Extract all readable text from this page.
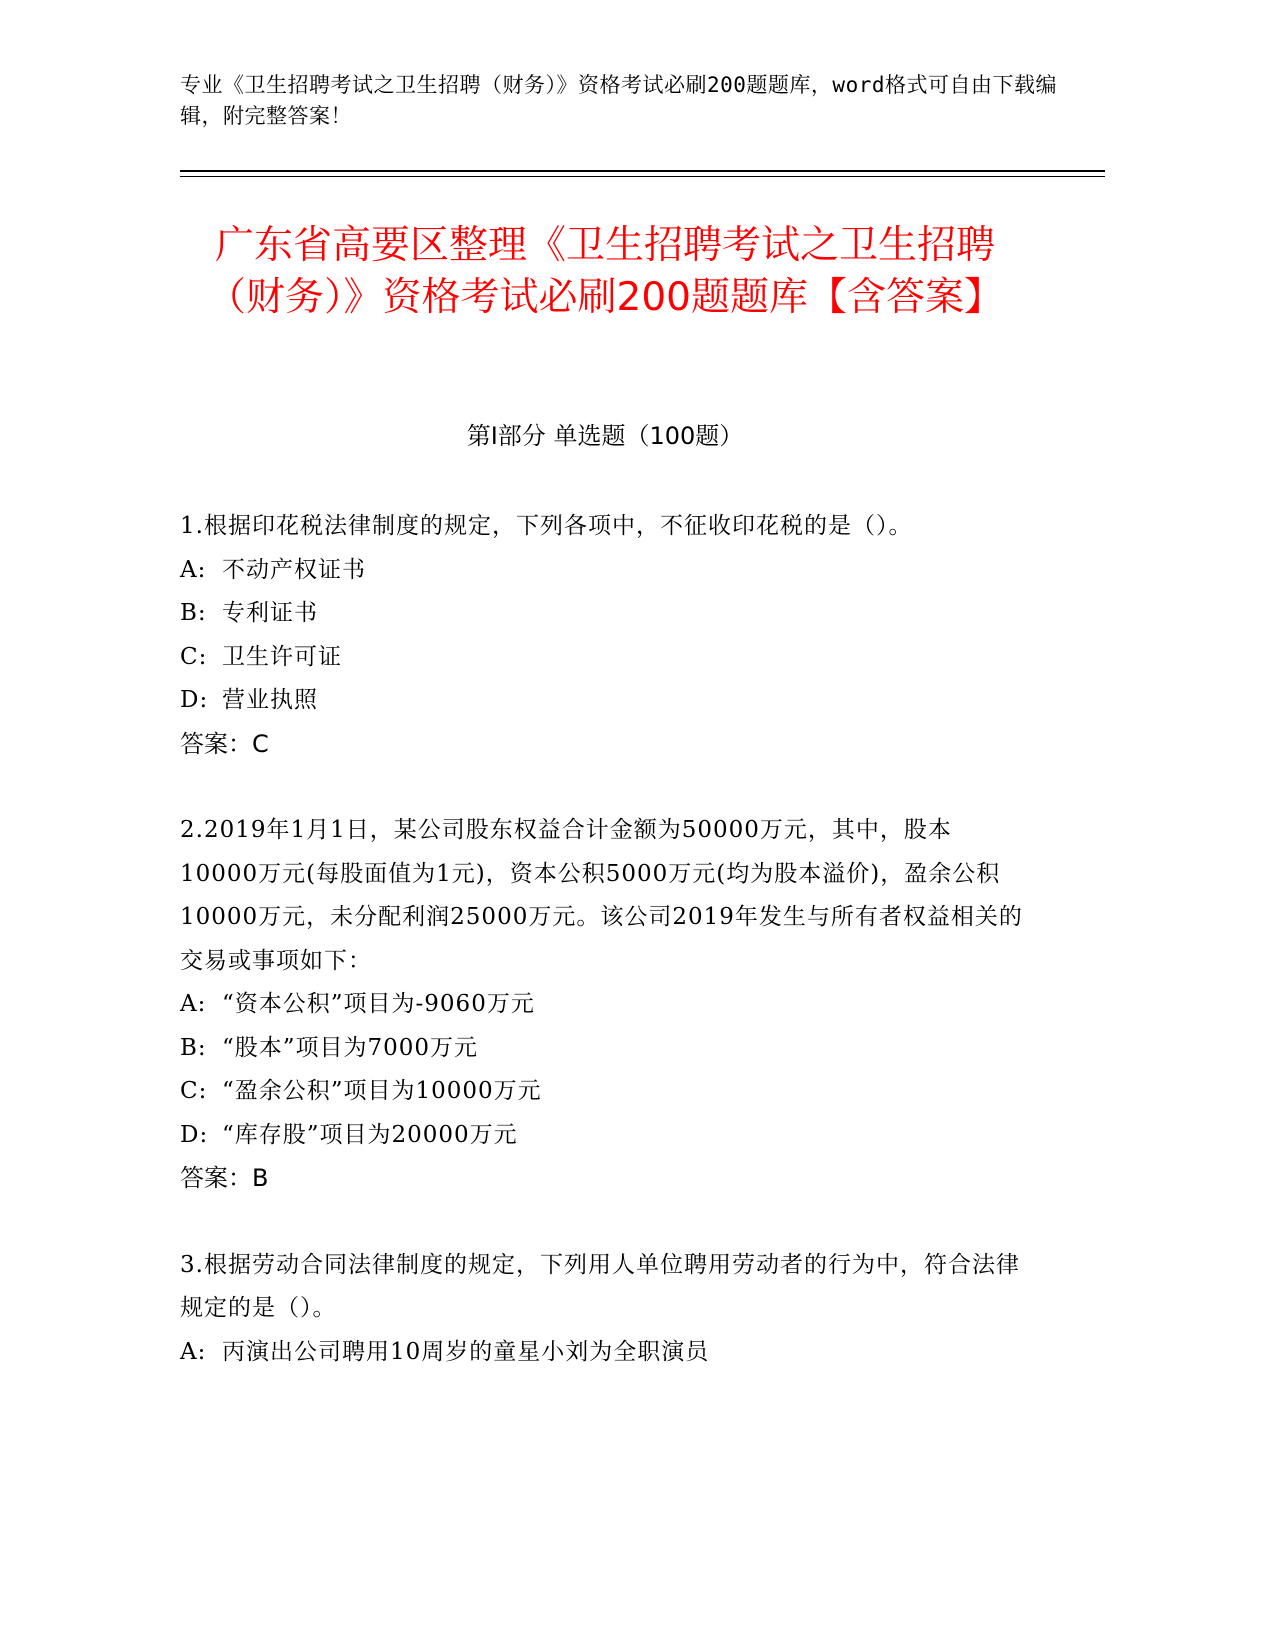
专业《卫生招聘考试之卫生招聘（财务）》资格考试必刷200题题库，word格式可自由下载编辑，附完整答案！
广东省高要区整理《卫生招聘考试之卫生招聘（财务）》资格考试必刷200题题库【含答案】
第I部分 单选题（100题）
1.根据印花税法律制度的规定，下列各项中，不征收印花税的是（）。
A: 不动产权证书
B: 专利证书
C: 卫生许可证
D: 营业执照
答案：C
2.2019年1月1日，某公司股东权益合计金额为50000万元，其中，股本10000万元(每股面值为1元)，资本公积5000万元(均为股本溢价)，盈余公积10000万元，未分配利润25000万元。该公司2019年发生与所有者权益相关的交易或事项如下：
A: “资本公积”项目为-9060万元
B: “股本”项目为7000万元
C: “盈余公积”项目为10000万元
D: “库存股”项目为20000万元
答案：B
3.根据劳动合同法律制度的规定，下列用人单位聘用劳动者的行为中，符合法律规定的是（）。
A: 丙演出公司聘用10周岁的童星小刘为全职演员
